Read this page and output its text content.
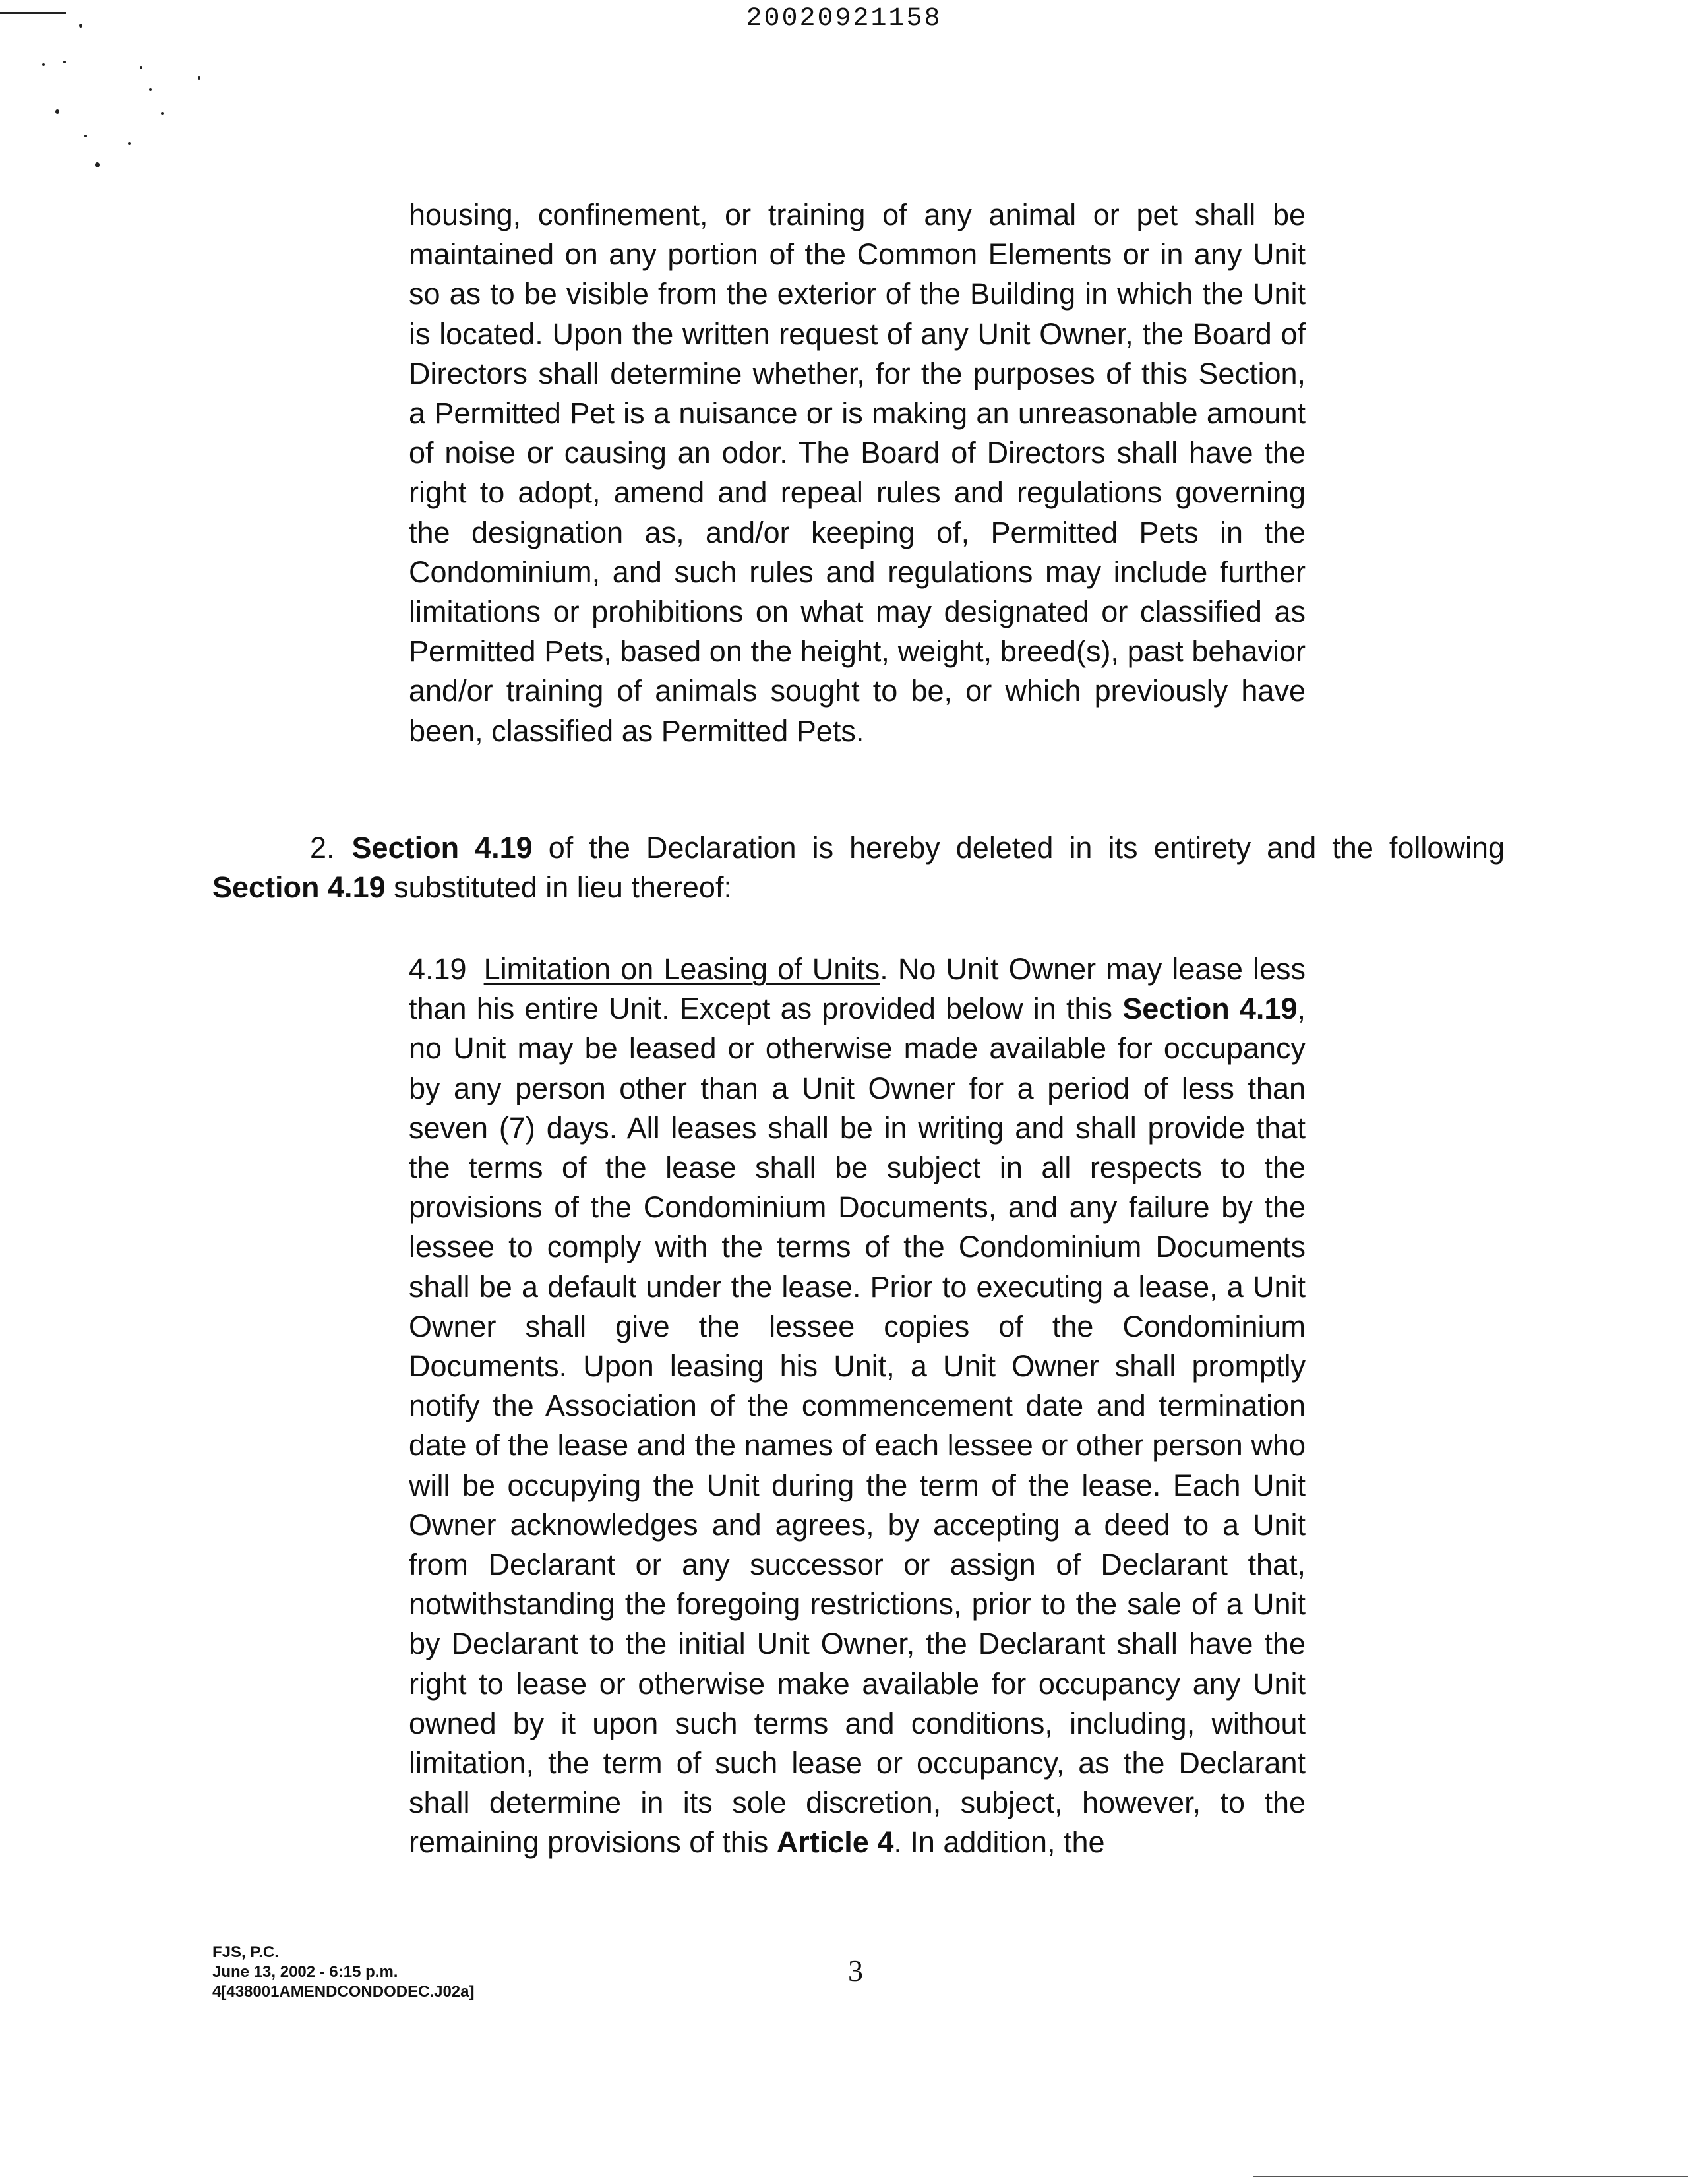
20020921158

housing, confinement, or training of any animal or pet shall be maintained on any portion of the Common Elements or in any Unit so as to be visible from the exterior of the Building in which the Unit is located. Upon the written request of any Unit Owner, the Board of Directors shall determine whether, for the purposes of this Section, a Permitted Pet is a nuisance or is making an unreasonable amount of noise or causing an odor. The Board of Directors shall have the right to adopt, amend and repeal rules and regulations governing the designation as, and/or keeping of, Permitted Pets in the Condominium, and such rules and regulations may include further limitations or prohibitions on what may designated or classified as Permitted Pets, based on the height, weight, breed(s), past behavior and/or training of animals sought to be, or which previously have been, classified as Permitted Pets.

2. Section 4.19 of the Declaration is hereby deleted in its entirety and the following Section 4.19 substituted in lieu thereof:

4.19 Limitation on Leasing of Units. No Unit Owner may lease less than his entire Unit. Except as provided below in this Section 4.19, no Unit may be leased or otherwise made available for occupancy by any person other than a Unit Owner for a period of less than seven (7) days. All leases shall be in writing and shall provide that the terms of the lease shall be subject in all respects to the provisions of the Condominium Documents, and any failure by the lessee to comply with the terms of the Condominium Documents shall be a default under the lease. Prior to executing a lease, a Unit Owner shall give the lessee copies of the Condominium Documents. Upon leasing his Unit, a Unit Owner shall promptly notify the Association of the commencement date and termination date of the lease and the names of each lessee or other person who will be occupying the Unit during the term of the lease. Each Unit Owner acknowledges and agrees, by accepting a deed to a Unit from Declarant or any successor or assign of Declarant that, notwithstanding the foregoing restrictions, prior to the sale of a Unit by Declarant to the initial Unit Owner, the Declarant shall have the right to lease or otherwise make available for occupancy any Unit owned by it upon such terms and conditions, including, without limitation, the term of such lease or occupancy, as the Declarant shall determine in its sole discretion, subject, however, to the remaining provisions of this Article 4. In addition, the

FJS, P.C.
June 13, 2002 - 6:15 p.m.
4[438001AMENDCONDODEC.J02a]
3
